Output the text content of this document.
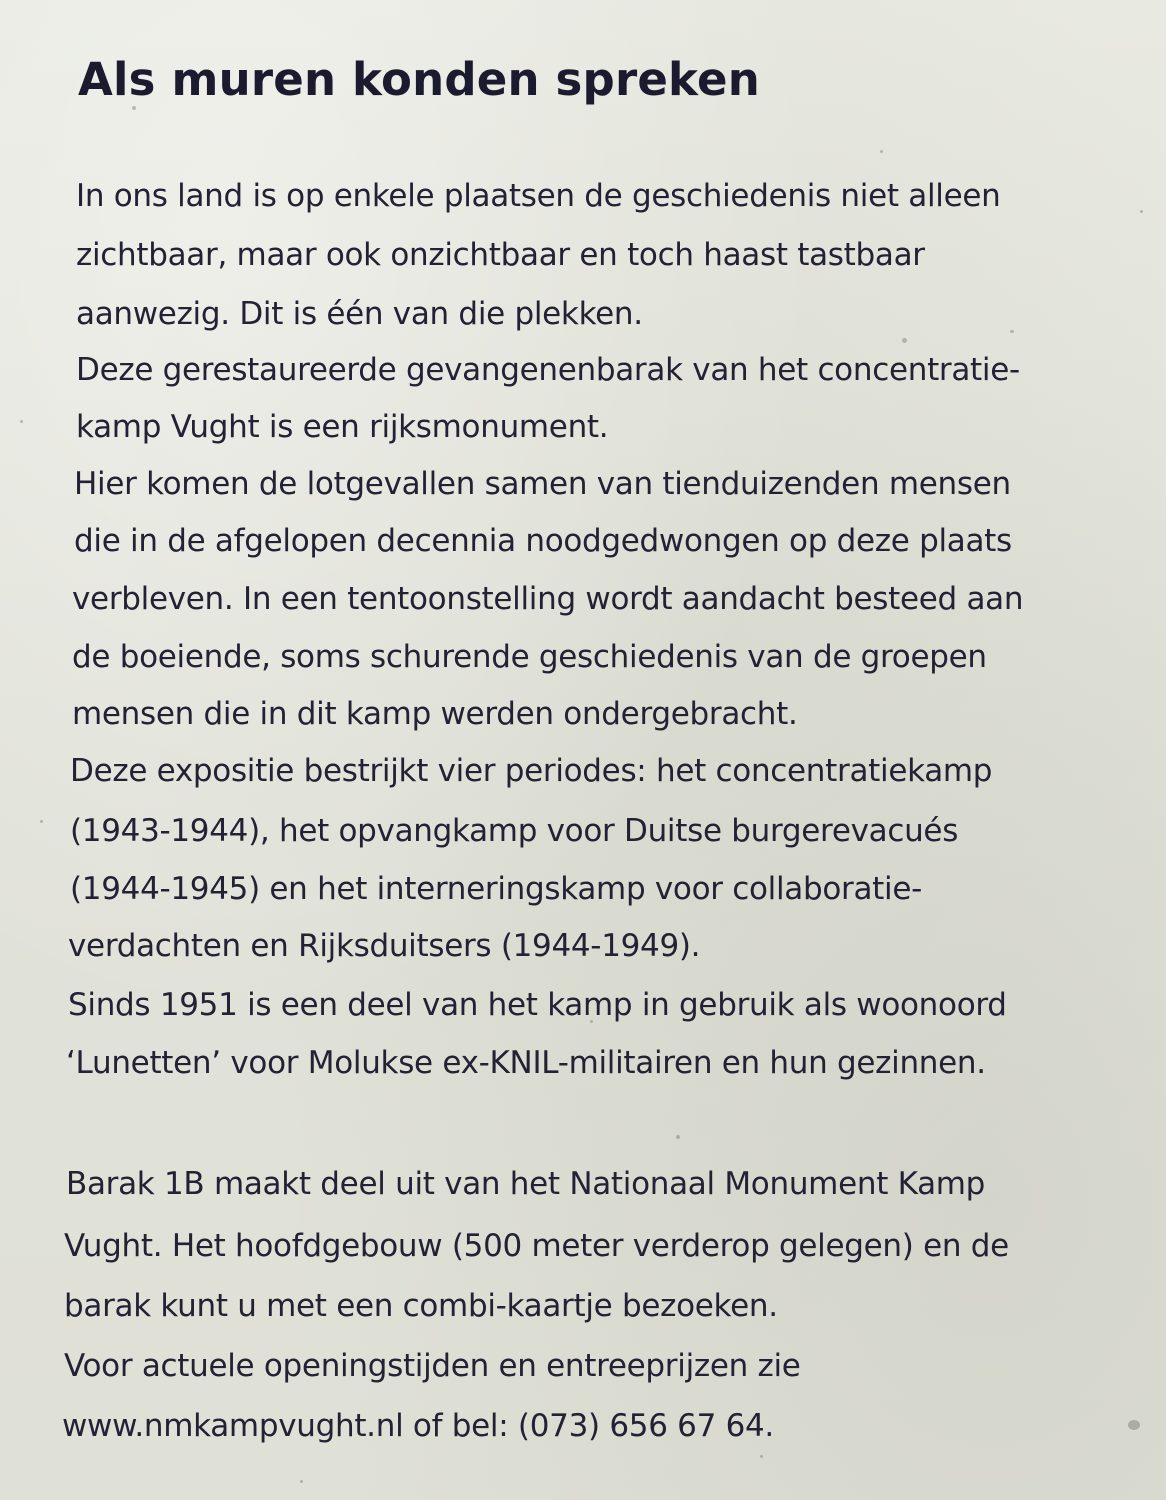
Als muren konden spreken

In ons land is op enkele plaatsen de geschiedenis niet alleen

zichtbaar, maar ook onzichtbaar en toch haast tastbaar

aanwezig. Dit is één van die plekken.

Deze gerestaureerde gevangenenbarak van het concentratie-

kamp Vught is een rijksmonument.

Hier komen de lotgevallen samen van tienduizenden mensen

die in de afgelopen decennia noodgedwongen op deze plaats

verbleven. In een tentoonstelling wordt aandacht besteed aan

de boeiende, soms schurende geschiedenis van de groepen

mensen die in dit kamp werden ondergebracht.

Deze expositie bestrijkt vier periodes: het concentratiekamp

(1943-1944), het opvangkamp voor Duitse burgerevacués

(1944-1945) en het interneringskamp voor collaboratie-

verdachten en Rijksduitsers (1944-1949).

Sinds 1951 is een deel van het kamp in gebruik als woonoord

‘Lunetten’ voor Molukse ex-KNIL-militairen en hun gezinnen.

Barak 1B maakt deel uit van het Nationaal Monument Kamp

Vught. Het hoofdgebouw (500 meter verderop gelegen) en de

barak kunt u met een combi-kaartje bezoeken.

Voor actuele openingstijden en entreeprijzen zie

www.nmkampvught.nl of bel: (073) 656 67 64.
